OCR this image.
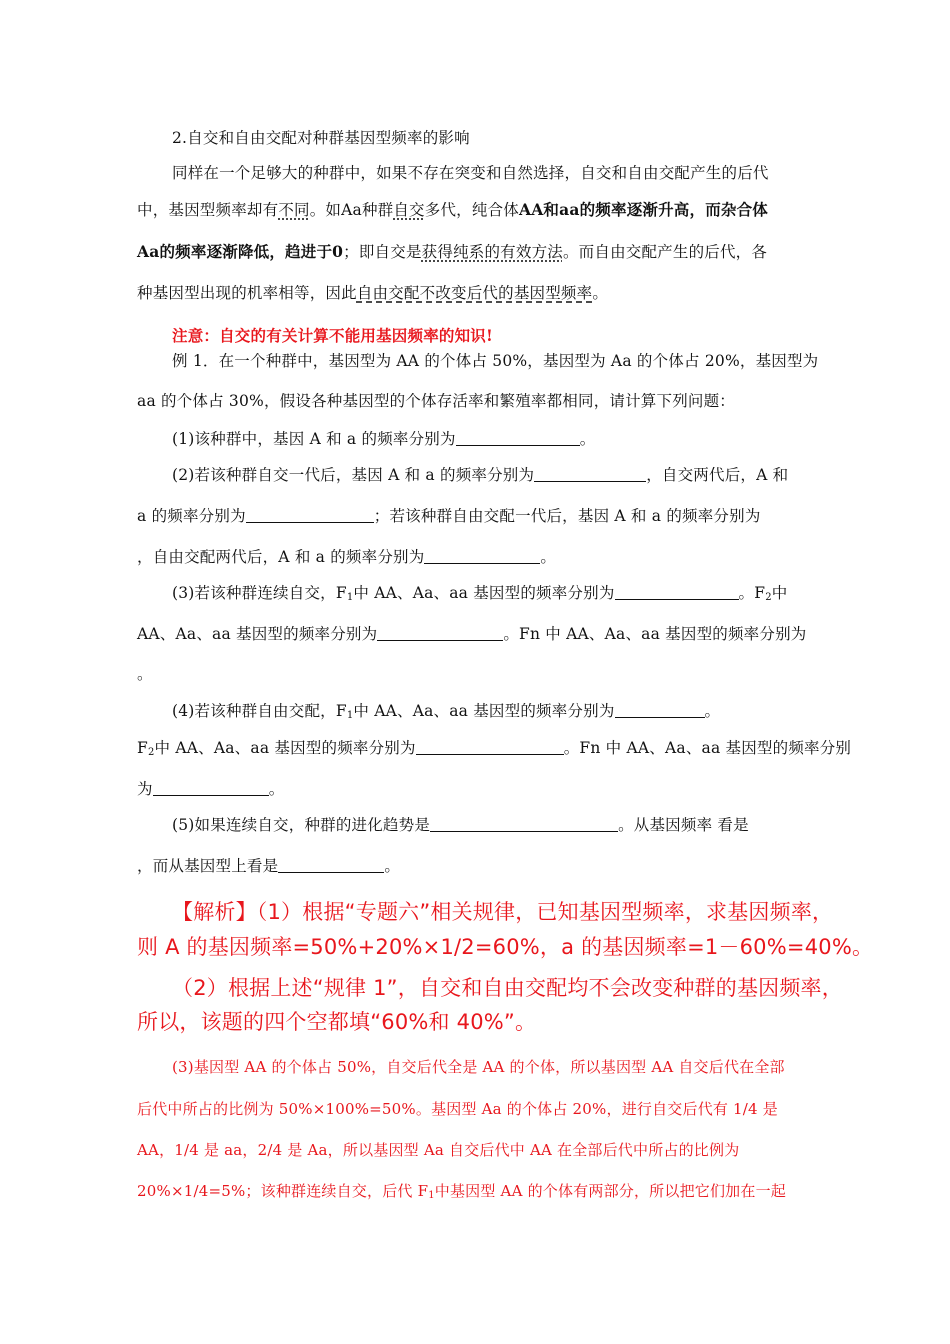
2.自交和自由交配对种群基因型频率的影响
同样在一个足够大的种群中，如果不存在突变和自然选择，自交和自由交配产生的后代
中，基因型频率却有不同。如Aa种群自交多代，纯合体AA和aa的频率逐渐升高，而杂合体
Aa的频率逐渐降低，趋进于0；即自交是获得纯系的有效方法。而自由交配产生的后代，各
种基因型出现的机率相等，因此自由交配不改变后代的基因型频率。
注意：自交的有关计算不能用基因频率的知识!
例 1．在一个种群中，基因型为 AA 的个体占 50%，基因型为 Aa 的个体占 20%，基因型为
aa 的个体占 30%，假设各种基因型的个体存活率和繁殖率都相同，请计算下列问题：
(1)该种群中，基因 A 和 a 的频率分别为	。
(2)若该种群自交一代后，基因 A 和 a 的频率分别为	，自交两代后，A 和
a 的频率分别为	；若该种群自由交配一代后，基因 A 和 a 的频率分别为
，自由交配两代后，A 和 a 的频率分别为	。
(3)若该种群连续自交，$F_1$中 AA、Aa、aa 基因型的频率分别为	。$F_2$中
AA、Aa、aa 基因型的频率分别为	。Fn 中 AA、Aa、aa 基因型的频率分别为
。
(4)若该种群自由交配，$F_1$中 AA、Aa、aa 基因型的频率分别为	。
$F_2$中 AA、Aa、aa 基因型的频率分别为	。Fn 中 AA、Aa、aa 基因型的频率分别
为	。
(5)如果连续自交，种群的进化趋势是	。从基因频率 看是
，而从基因型上看是	。
【解析】（1）根据“专题六”相关规律，已知基因型频率，求基因频率，
则 A 的基因频率=50%+20%×1/2=60%，a 的基因频率=1－60%=40%。
（2）根据上述“规律 1”，自交和自由交配均不会改变种群的基因频率，
所以，该题的四个空都填“60%和 40%”。
(3)基因型 AA 的个体占 50%，自交后代全是 AA 的个体，所以基因型 AA 自交后代在全部
后代中所占的比例为 50%×100%=50%。基因型 Aa 的个体占 20%，进行自交后代有 1/4 是
AA，1/4 是 aa，2/4 是 Aa，所以基因型 Aa 自交后代中 AA 在全部后代中所占的比例为
20%×1/4=5%；该种群连续自交，后代 $F_1$中基因型 AA 的个体有两部分，所以把它们加在一起
